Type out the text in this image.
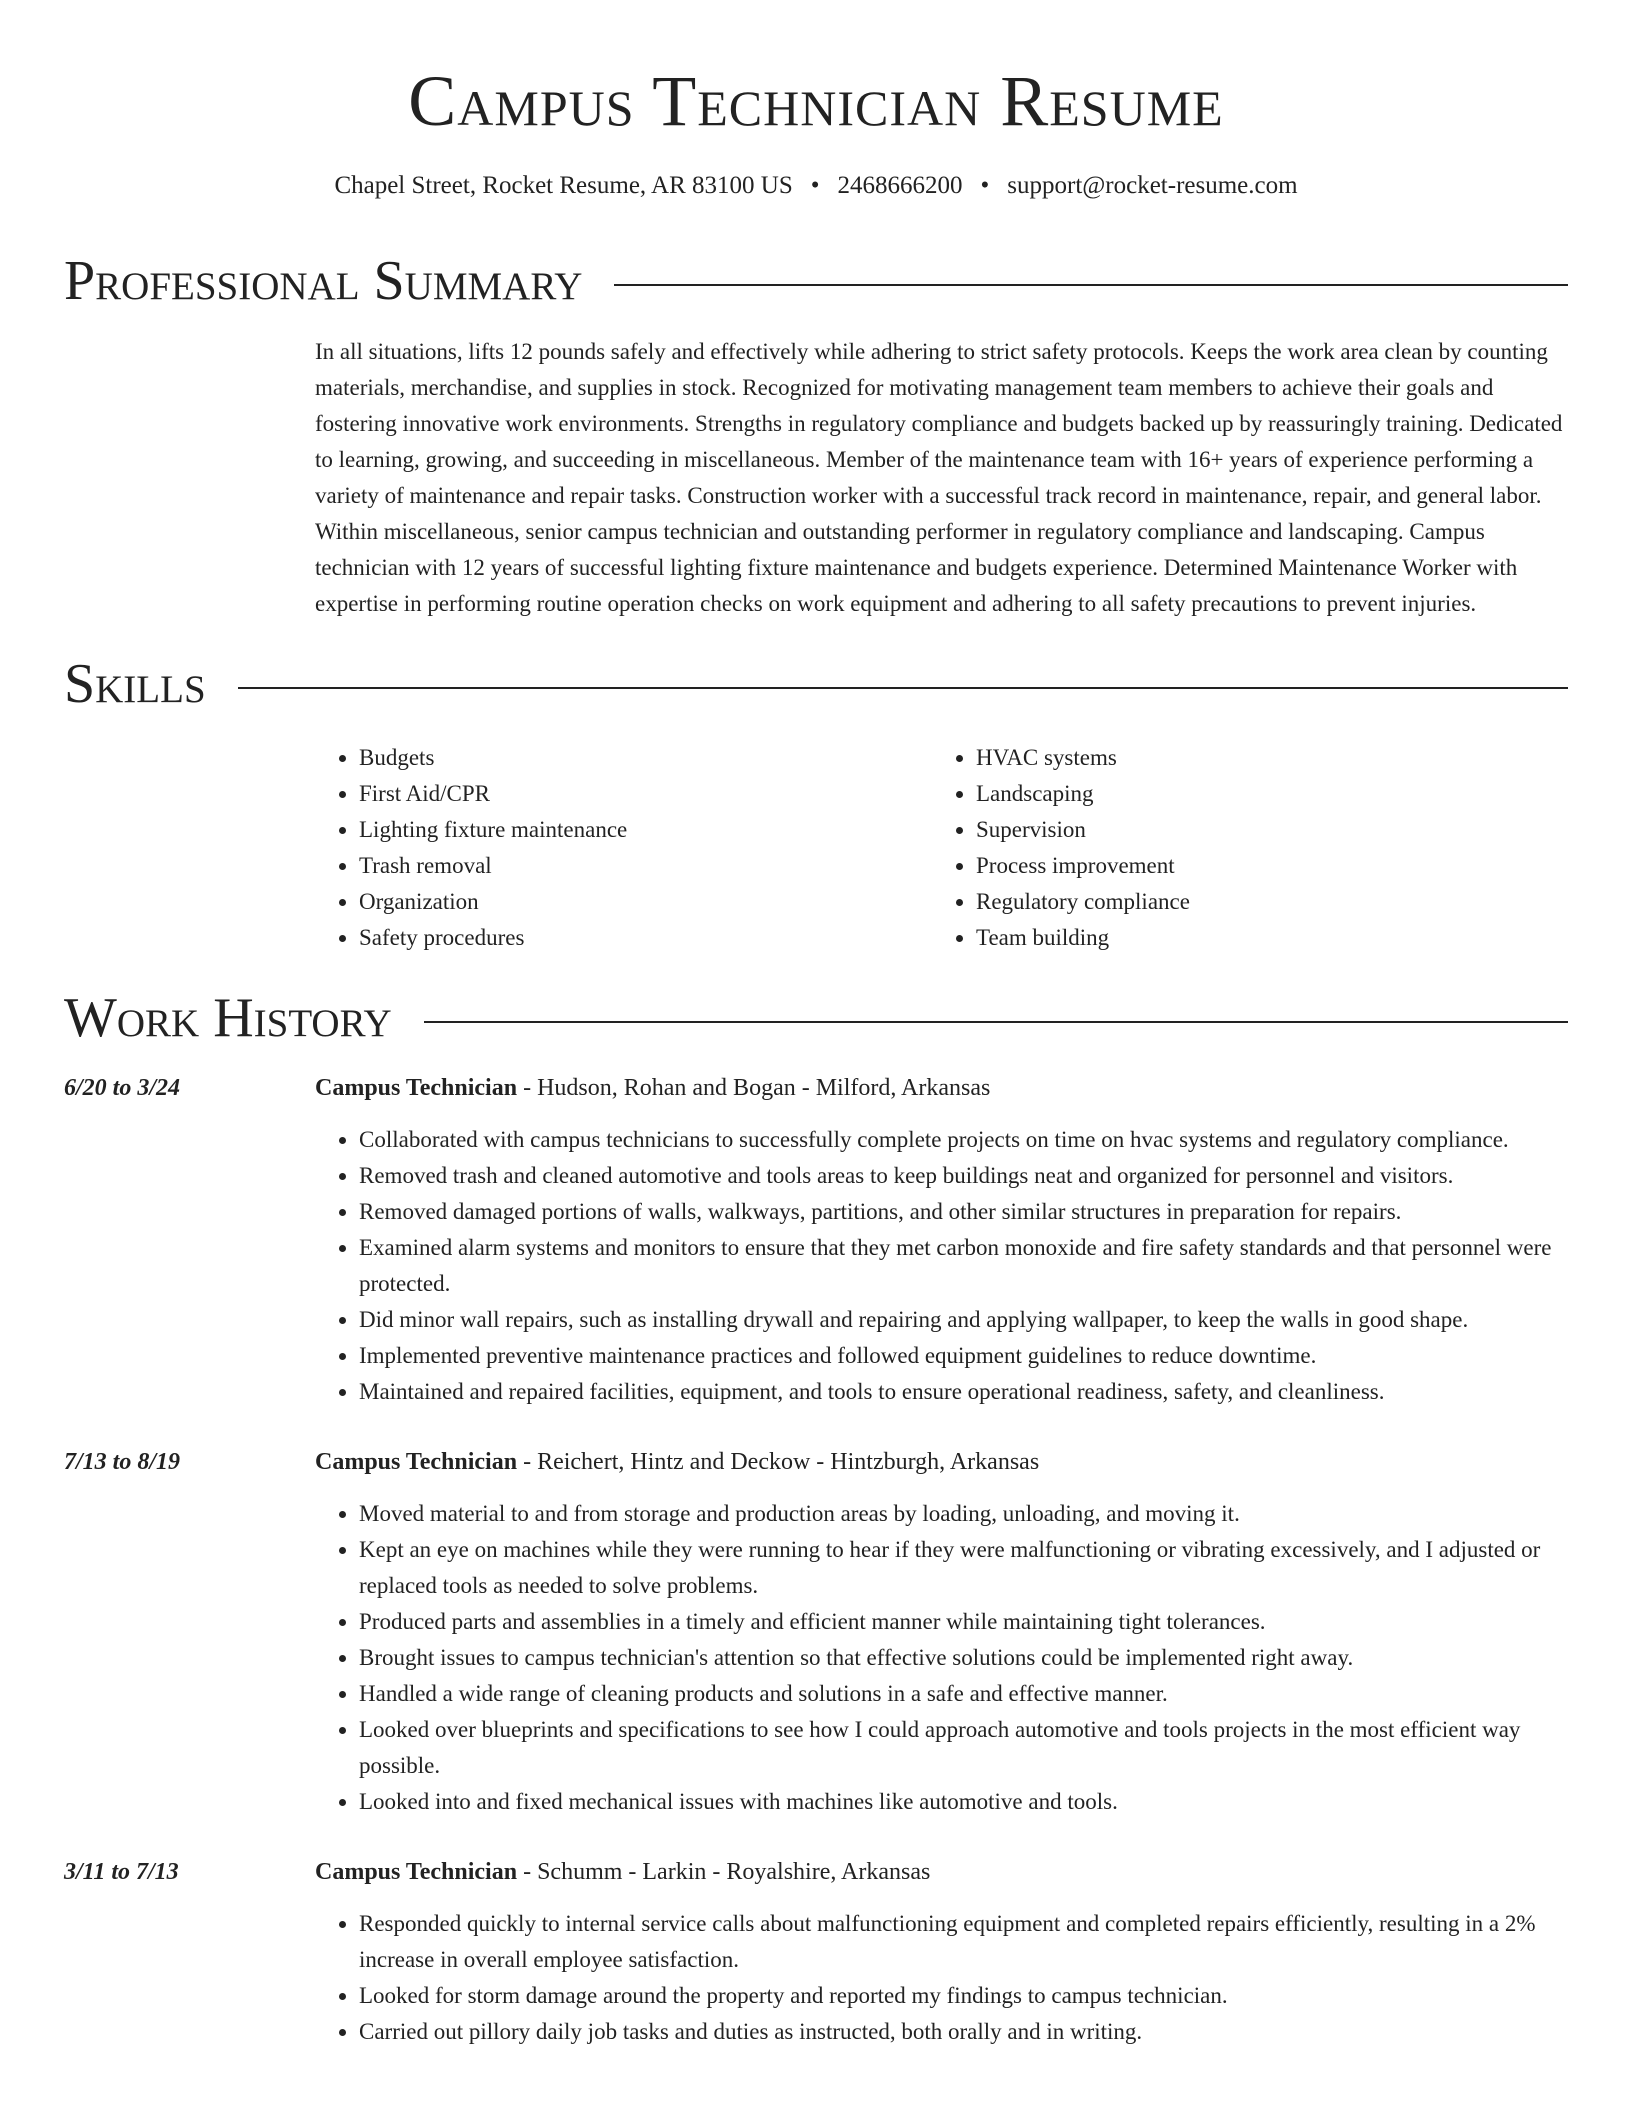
Campus Technician Resume
Chapel Street, Rocket Resume, AR 83100 US • 2468666200 • support@rocket-resume.com
Professional Summary
In all situations, lifts 12 pounds safely and effectively while adhering to strict safety protocols. Keeps the work area clean by counting materials, merchandise, and supplies in stock. Recognized for motivating management team members to achieve their goals and fostering innovative work environments. Strengths in regulatory compliance and budgets backed up by reassuringly training. Dedicated to learning, growing, and succeeding in miscellaneous. Member of the maintenance team with 16+ years of experience performing a variety of maintenance and repair tasks. Construction worker with a successful track record in maintenance, repair, and general labor. Within miscellaneous, senior campus technician and outstanding performer in regulatory compliance and landscaping. Campus technician with 12 years of successful lighting fixture maintenance and budgets experience. Determined Maintenance Worker with expertise in performing routine operation checks on work equipment and adhering to all safety precautions to prevent injuries.
Skills
• Budgets
• First Aid/CPR
• Lighting fixture maintenance
• Trash removal
• Organization
• Safety procedures
• HVAC systems
• Landscaping
• Supervision
• Process improvement
• Regulatory compliance
• Team building
Work History
6/20 to 3/24	Campus Technician - Hudson, Rohan and Bogan - Milford, Arkansas
• Collaborated with campus technicians to successfully complete projects on time on hvac systems and regulatory compliance.
• Removed trash and cleaned automotive and tools areas to keep buildings neat and organized for personnel and visitors.
• Removed damaged portions of walls, walkways, partitions, and other similar structures in preparation for repairs.
• Examined alarm systems and monitors to ensure that they met carbon monoxide and fire safety standards and that personnel were protected.
• Did minor wall repairs, such as installing drywall and repairing and applying wallpaper, to keep the walls in good shape.
• Implemented preventive maintenance practices and followed equipment guidelines to reduce downtime.
• Maintained and repaired facilities, equipment, and tools to ensure operational readiness, safety, and cleanliness.
7/13 to 8/19	Campus Technician - Reichert, Hintz and Deckow - Hintzburgh, Arkansas
• Moved material to and from storage and production areas by loading, unloading, and moving it.
• Kept an eye on machines while they were running to hear if they were malfunctioning or vibrating excessively, and I adjusted or replaced tools as needed to solve problems.
• Produced parts and assemblies in a timely and efficient manner while maintaining tight tolerances.
• Brought issues to campus technician's attention so that effective solutions could be implemented right away.
• Handled a wide range of cleaning products and solutions in a safe and effective manner.
• Looked over blueprints and specifications to see how I could approach automotive and tools projects in the most efficient way possible.
• Looked into and fixed mechanical issues with machines like automotive and tools.
3/11 to 7/13	Campus Technician - Schumm - Larkin - Royalshire, Arkansas
• Responded quickly to internal service calls about malfunctioning equipment and completed repairs efficiently, resulting in a 2% increase in overall employee satisfaction.
• Looked for storm damage around the property and reported my findings to campus technician.
• Carried out pillory daily job tasks and duties as instructed, both orally and in writing.
